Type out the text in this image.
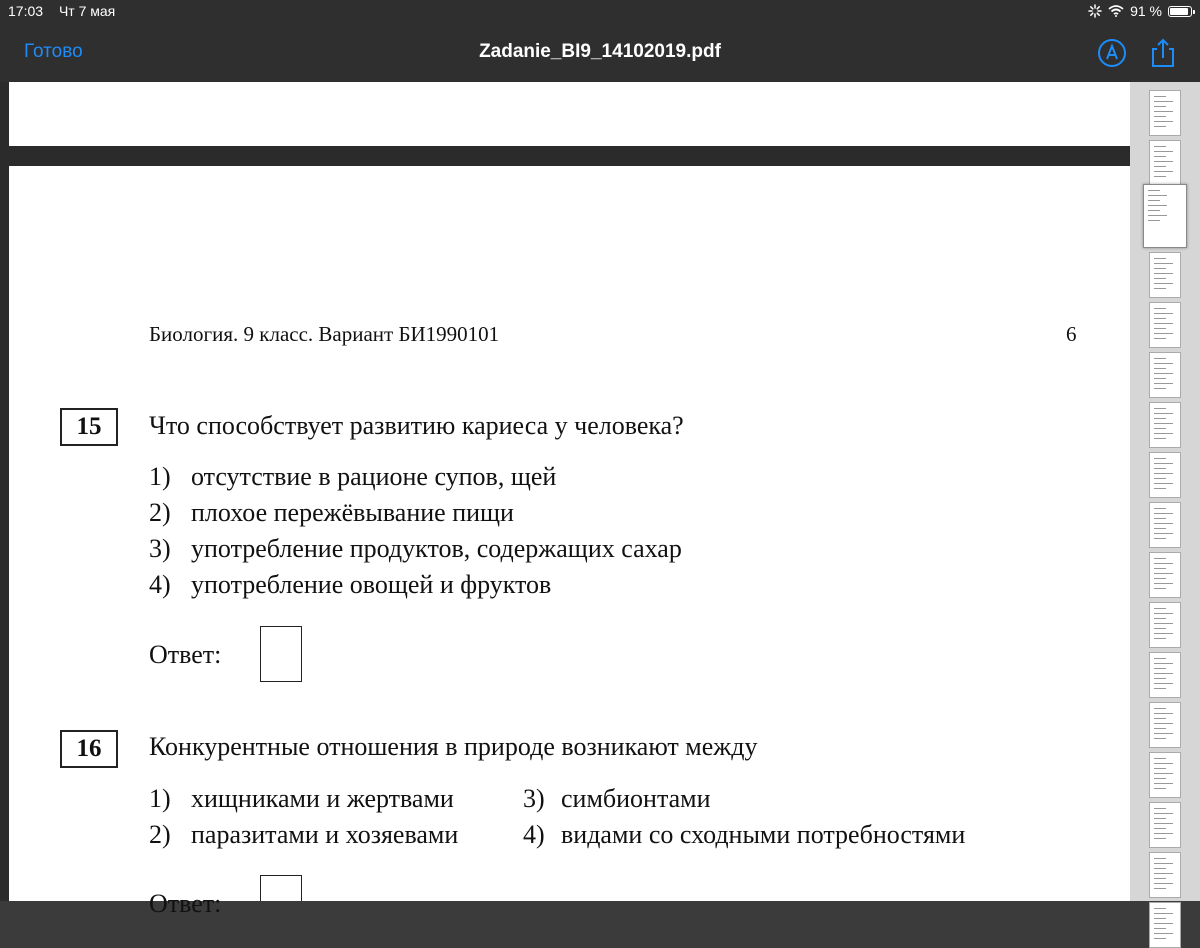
17:03 Чт 7 мая	91 %
Готово	Zadanie_BI9_14102019.pdf
Биология. 9 класс. Вариант БИ1990101	6
15	Что способствует развитию кариеса у человека?
1) отсутствие в рационе супов, щей
2) плохое пережёвывание пищи
3) употребление продуктов, содержащих сахар
4) употребление овощей и фруктов
Ответ:
16	Конкурентные отношения в природе возникают между
1) хищниками и жертвами
2) паразитами и хозяевами
3) симбионтами
4) видами со сходными потребностями
Ответ:
